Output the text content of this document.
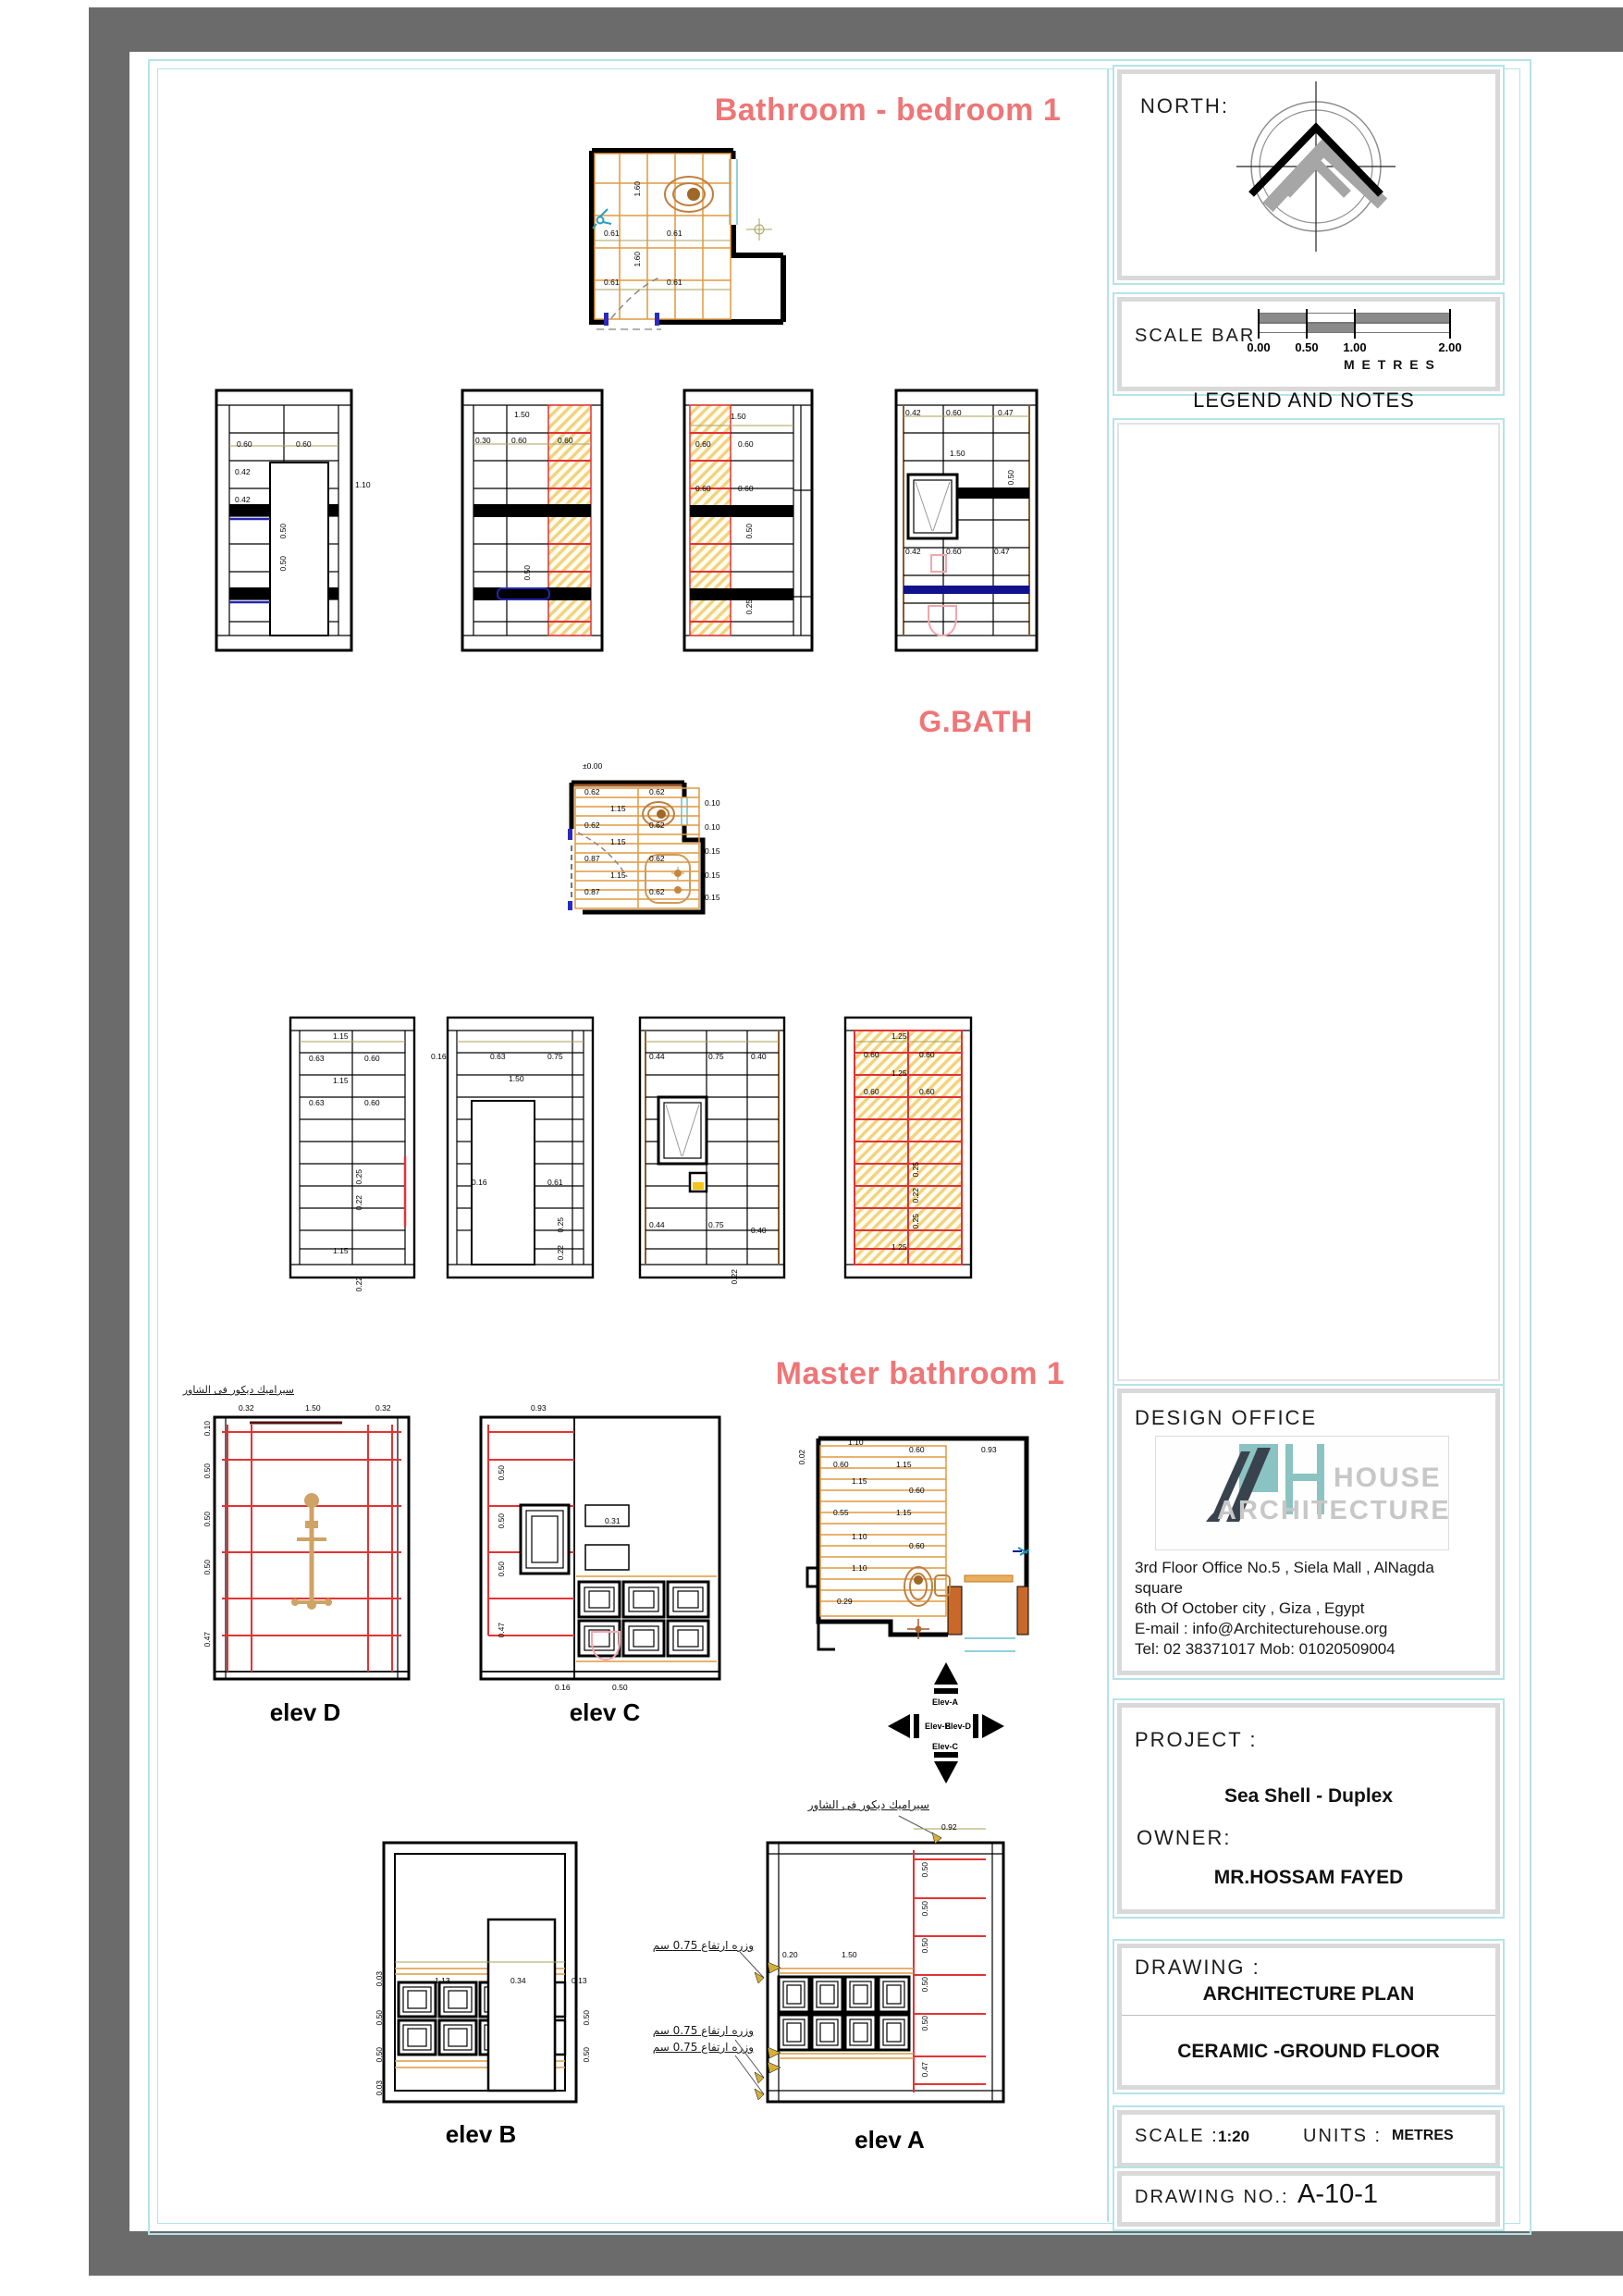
Bathroom - bedroom 1
G.BATH
Master bathroom 1
0.61	0.61
0.61	0.61
1.60
1.60
0.60	0.60
0.42
0.42
1.10
0.50
0.50
1.50
0.30	0.60	0.60
0.50
1.50
0.60	0.60
0.60	0.60
0.50
0.25
0.42	0.60	0.47
1.50
0.42	0.60	0.47
0.50
0.62	0.62
1.15
0.62	0.62
1.15
0.87	0.62
1.15
0.87	0.62
0.10
0.10
0.15
0.15
0.15
±0.00
1.15
0.63	0.60
1.15
0.63	0.60
0.25
0.22
1.15
0.22
0.16	0.63	0.75
1.50
0.16	0.61
0.25
0.22
0.44	0.75	0.40
0.44	0.75
0.40
0.22
1.25
0.60	0.60
1.25
0.60	0.60
0.25
0.22
0.25
1.25
0.32	1.50	0.32
0.10
0.50
0.50
0.50
0.47
elev D
سيراميك ديكور فى الشاور
0.93
0.50
0.50
0.50
0.47
0.31
0.16	0.50
elev C
1.10
0.60	0.93
0.60	1.15
1.15
0.60
0.55	1.15
1.10
0.60
1.10
0.29
0.02
Elev-A
Elev-B
Elev-D
Elev-C
1.13	0.34	0.13
0.03
0.50
0.50
0.03
0.50
0.50
elev B
وزره ارتفاع 0.75 سم
وزره ارتفاع 0.75 سم
وزره ارتفاع 0.75 سم
0.92
0.20	1.50
0.50
0.50
0.50
0.50
0.50
0.47
elev A
سيراميك ديكور فى الشاور
NORTH:
SCALE BAR
0.00 0.50 1.00	2.00
M E T R E S
LEGEND AND NOTES
DESIGN OFFICE
HOUSE
ARCHITECTURE
3rd Floor Office No.5 , Siela Mall , AlNagda
square
6th Of October city , Giza , Egypt
E-mail : info@Architecturehouse.org
Tel: 02 38371017 Mob: 01020509004
PROJECT :
Sea Shell - Duplex
OWNER:
MR.HOSSAM FAYED
DRAWING :
ARCHITECTURE PLAN
CERAMIC -GROUND FLOOR
SCALE : 1:20	UNITS : METRES
DRAWING NO.: A-10-1
